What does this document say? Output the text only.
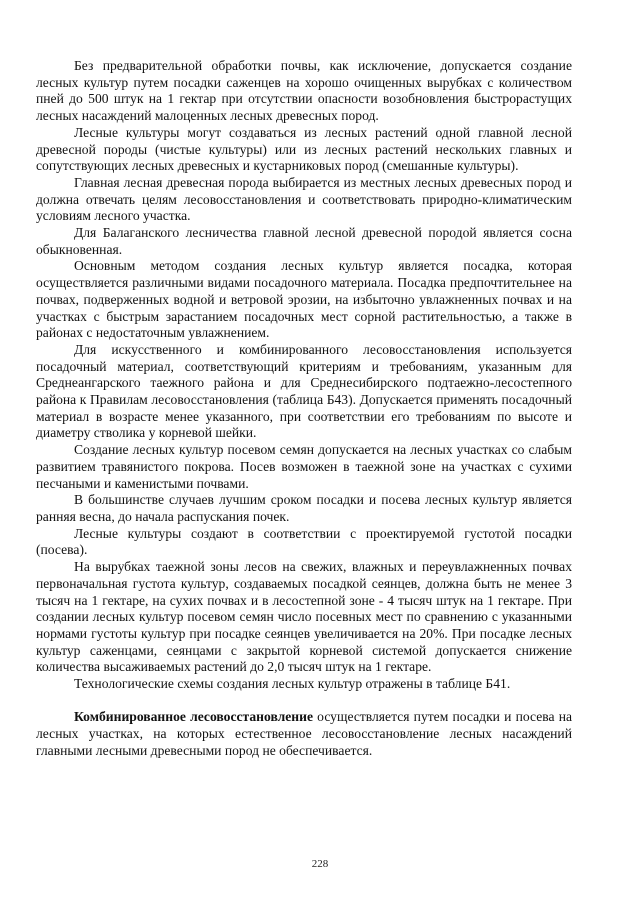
Без предварительной обработки почвы, как исключение, допускается создание лесных культур путем посадки саженцев на хорошо очищенных вырубках с количеством пней до 500 штук на 1 гектар при отсутствии опасности возобновления быстрорастущих лесных насаждений малоценных лесных древесных пород.

Лесные культуры могут создаваться из лесных растений одной главной лесной древесной породы (чистые культуры) или из лесных растений нескольких главных и сопутствующих лесных древесных и кустарниковых пород (смешанные культуры).

Главная лесная древесная порода выбирается из местных лесных древесных пород и должна отвечать целям лесовосстановления и соответствовать природно-климатическим условиям лесного участка.

Для Балаганского лесничества главной лесной древесной породой является сосна обыкновенная.

Основным методом создания лесных культур является посадка, которая осуществляется различными видами посадочного материала. Посадка предпочтительнее на почвах, подверженных водной и ветровой эрозии, на избыточно увлажненных почвах и на участках с быстрым зарастанием посадочных мест сорной растительностью, а также в районах с недостаточным увлажнением.

Для искусственного и комбинированного лесовосстановления используется посадочный материал, соответствующий критериям и требованиям, указанным для Среднеангарского таежного района и для Среднесибирского подтаежно-лесостепного района к Правилам лесовосстановления (таблица Б43). Допускается применять посадочный материал в возрасте менее указанного, при соответствии его требованиям по высоте и диаметру стволика у корневой шейки.

Создание лесных культур посевом семян допускается на лесных участках со слабым развитием травянистого покрова. Посев возможен в таежной зоне на участках с сухими песчаными и каменистыми почвами.

В большинстве случаев лучшим сроком посадки и посева лесных культур является ранняя весна, до начала распускания почек.

Лесные культуры создают в соответствии с проектируемой густотой посадки (посева).

На вырубках таежной зоны лесов на свежих, влажных и переувлажненных почвах первоначальная густота культур, создаваемых посадкой сеянцев, должна быть не менее 3 тысяч на 1 гектаре, на сухих почвах и в лесостепной зоне - 4 тысяч штук на 1 гектаре. При создании лесных культур посевом семян число посевных мест по сравнению с указанными нормами густоты культур при посадке сеянцев увеличивается на 20%. При посадке лесных культур саженцами, сеянцами с закрытой корневой системой допускается снижение количества высаживаемых растений до 2,0 тысяч штук на 1 гектаре.

Технологические схемы создания лесных культур отражены в таблице Б41.

Комбинированное лесовосстановление осуществляется путем посадки и посева на лесных участках, на которых естественное лесовосстановление лесных насаждений главными лесными древесными пород не обеспечивается.

228
